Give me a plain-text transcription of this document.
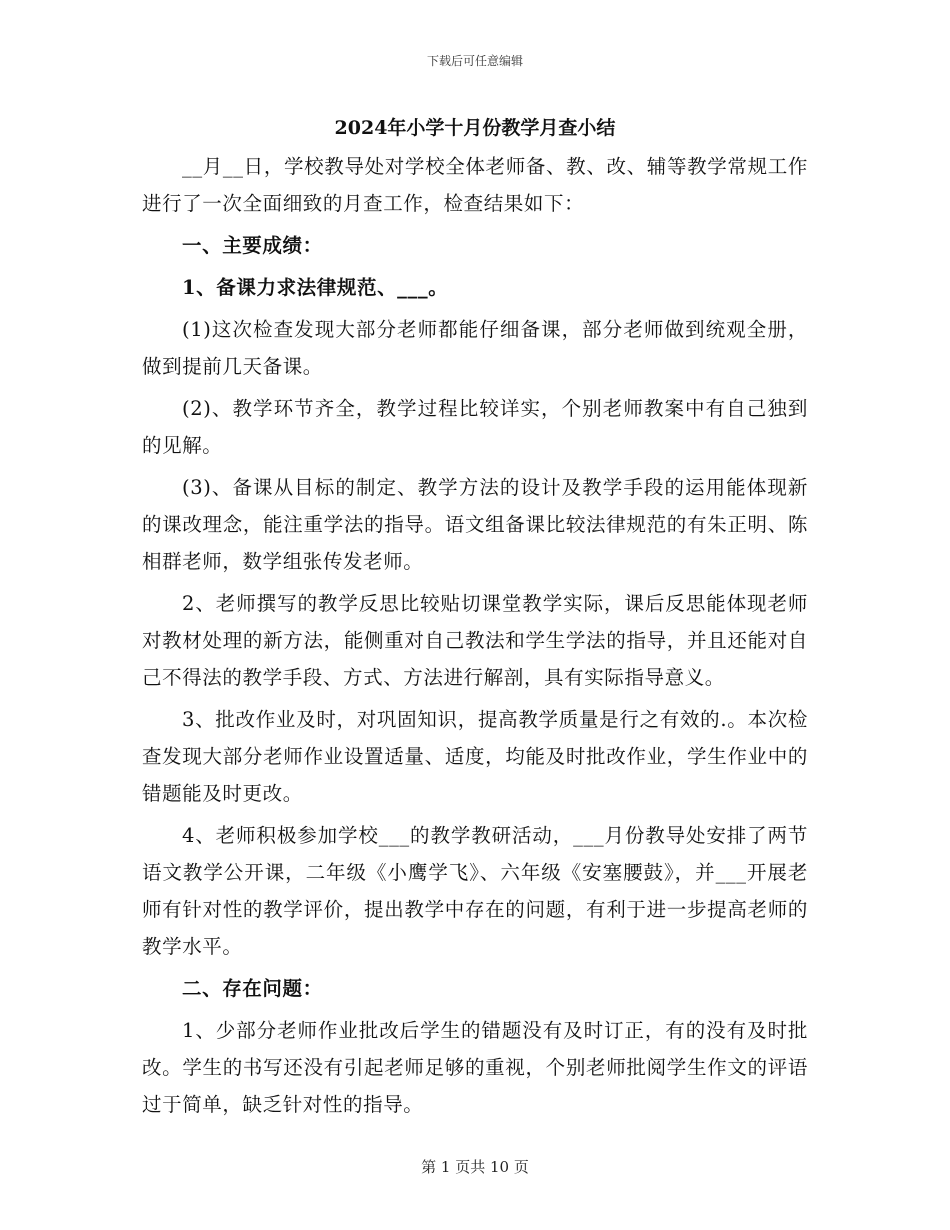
下载后可任意编辑
2024年小学十月份教学月查小结

__月__日，学校教导处对学校全体老师备、教、改、辅等教学常规工作进行了一次全面细致的月查工作，检查结果如下：

一、主要成绩：

1、备课力求法律规范、___。

(1)这次检查发现大部分老师都能仔细备课，部分老师做到统观全册，做到提前几天备课。

(2)、教学环节齐全，教学过程比较详实，个别老师教案中有自己独到的见解。

(3)、备课从目标的制定、教学方法的设计及教学手段的运用能体现新的课改理念，能注重学法的指导。语文组备课比较法律规范的有朱正明、陈相群老师，数学组张传发老师。

2、老师撰写的教学反思比较贴切课堂教学实际，课后反思能体现老师对教材处理的新方法，能侧重对自己教法和学生学法的指导，并且还能对自己不得法的教学手段、方式、方法进行解剖，具有实际指导意义。

3、批改作业及时，对巩固知识，提高教学质量是行之有效的.。本次检查发现大部分老师作业设置适量、适度，均能及时批改作业，学生作业中的错题能及时更改。

4、老师积极参加学校___的教学教研活动，___月份教导处安排了两节语文教学公开课，二年级《小鹰学飞》、六年级《安塞腰鼓》，并___开展老师有针对性的教学评价，提出教学中存在的问题，有利于进一步提高老师的教学水平。

二、存在问题：

1、少部分老师作业批改后学生的错题没有及时订正，有的没有及时批改。学生的书写还没有引起老师足够的重视，个别老师批阅学生作文的评语过于简单，缺乏针对性的指导。

第 1 页共 10 页
